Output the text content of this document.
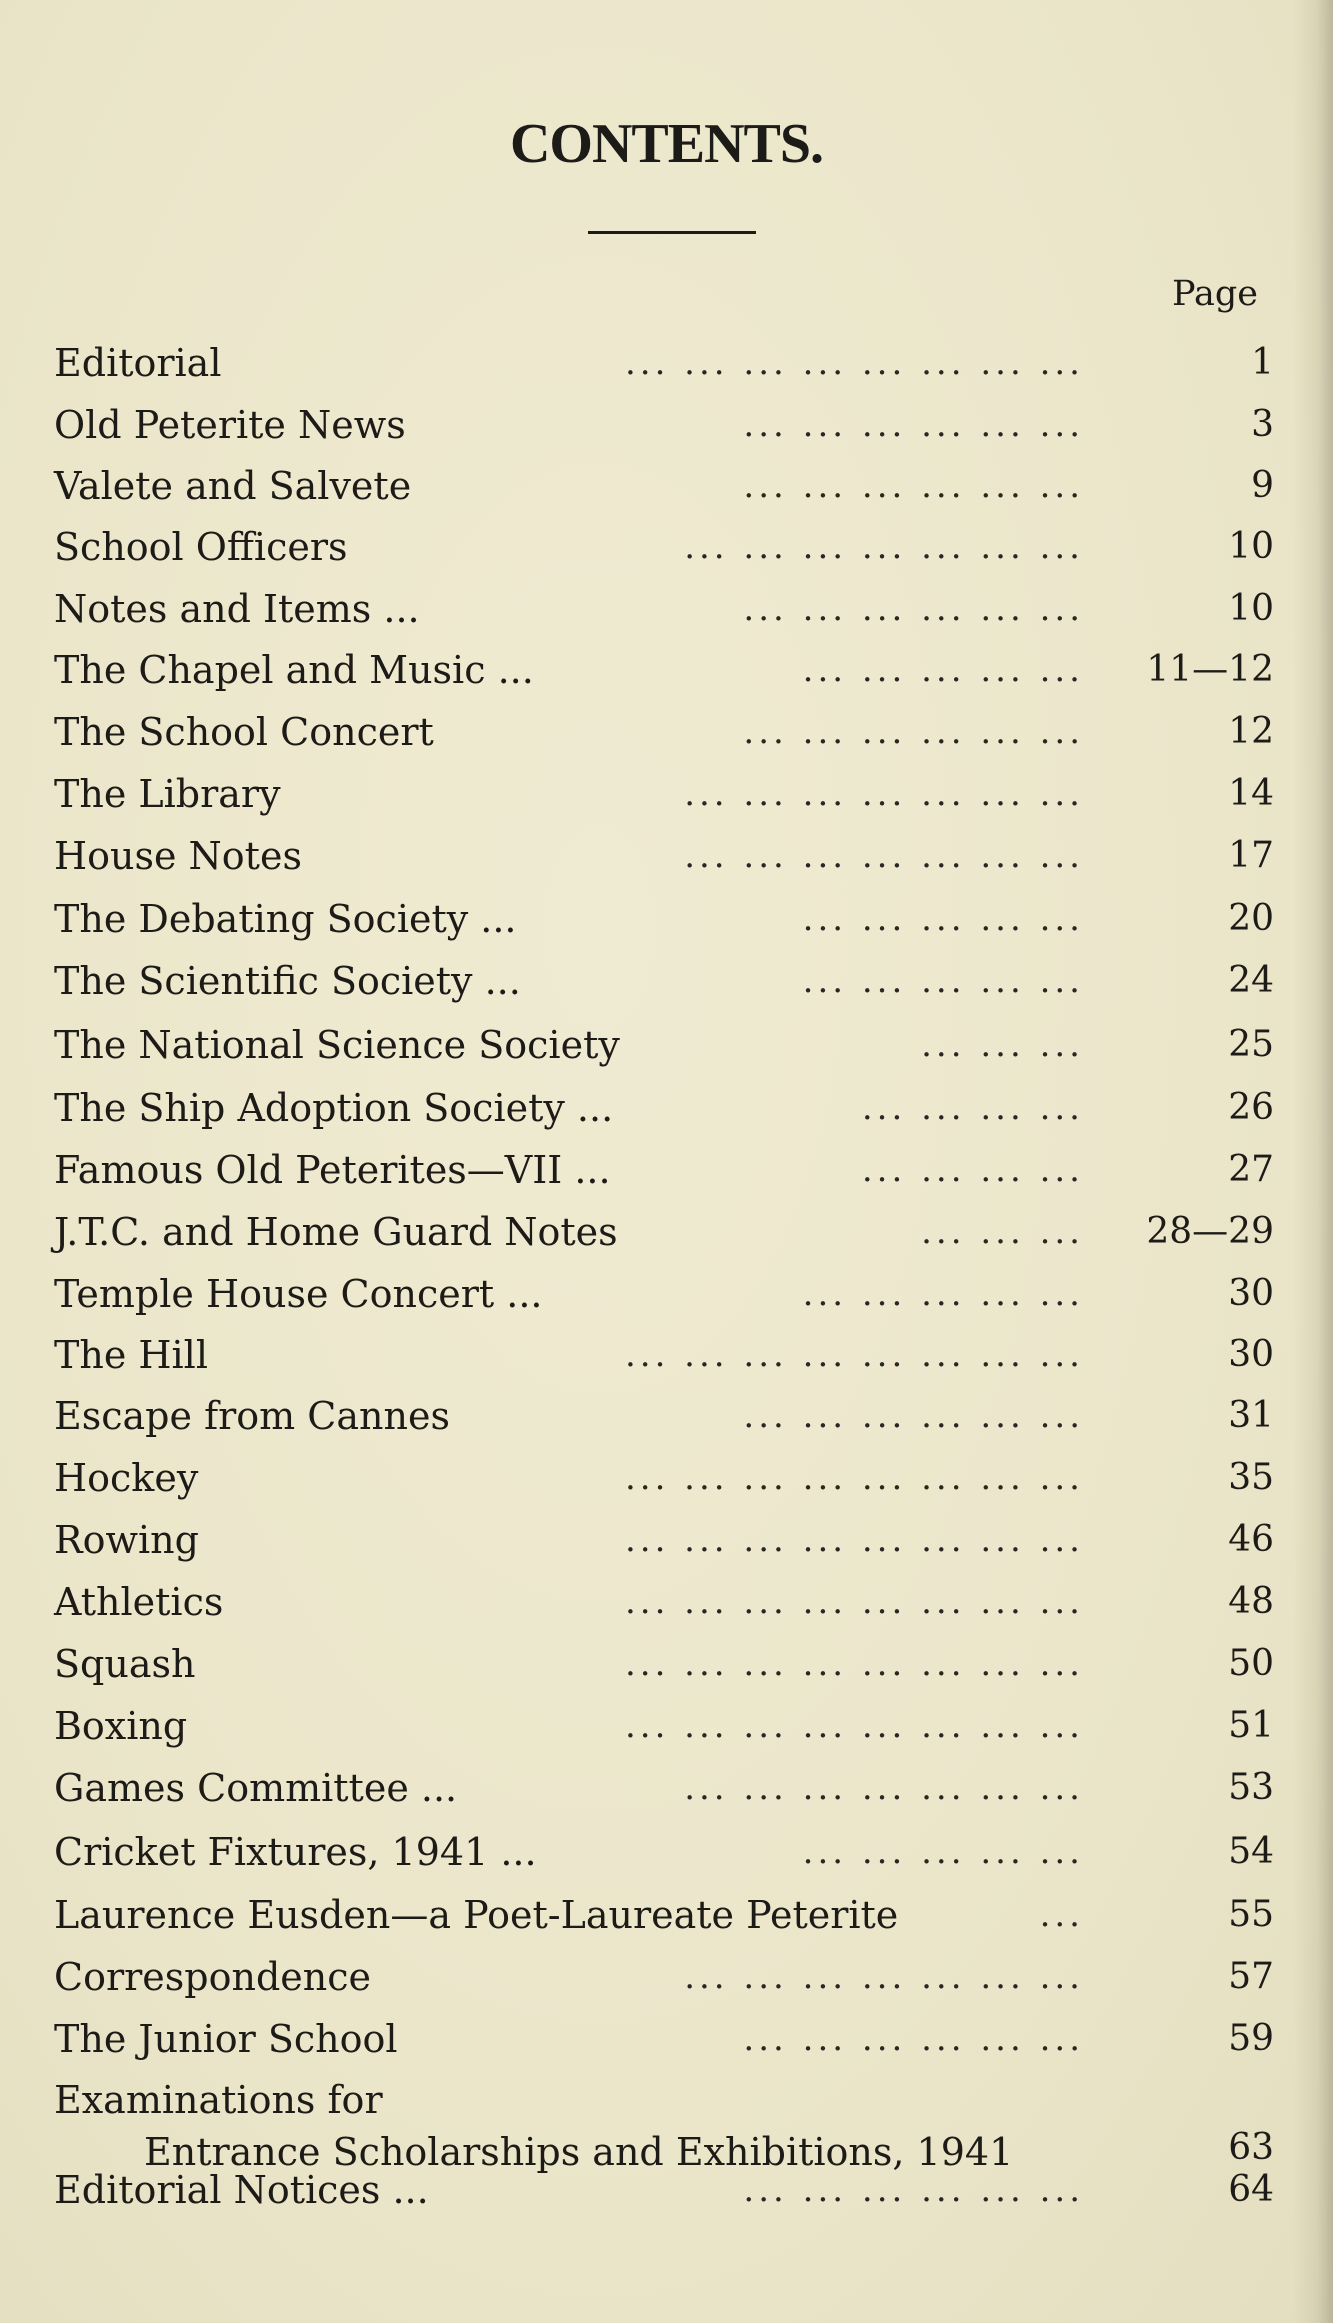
CONTENTS.
Page
Editorial	... ... ... ... ... ... ... ...	1
Old Peterite News	... ... ... ... ... ...	3
Valete and Salvete	... ... ... ... ... ...	9
School Officers	... ... ... ... ... ... ...	10
Notes and Items ...	... ... ... ... ... ...	10
The Chapel and Music ...	... ... ... ... ...	11—12
The School Concert	... ... ... ... ... ...	12
The Library	... ... ... ... ... ... ...	14
House Notes	... ... ... ... ... ... ...	17
The Debating Society ...	... ... ... ... ...	20
The Scientific Society ...	... ... ... ... ...	24
The National Science Society	... ... ...	25
The Ship Adoption Society ...	... ... ... ...	26
Famous Old Peterites—VII ...	... ... ... ...	27
J.T.C. and Home Guard Notes	... ... ...	28—29
Temple House Concert ...	... ... ... ... ...	30
The Hill	... ... ... ... ... ... ... ...	30
Escape from Cannes	... ... ... ... ... ...	31
Hockey	... ... ... ... ... ... ... ...	35
Rowing	... ... ... ... ... ... ... ...	46
Athletics	... ... ... ... ... ... ... ...	48
Squash	... ... ... ... ... ... ... ...	50
Boxing	... ... ... ... ... ... ... ...	51
Games Committee ...	... ... ... ... ... ... ...	53
Cricket Fixtures, 1941 ...	... ... ... ... ...	54
Laurence Eusden—a Poet-Laureate Peterite	...	55
Correspondence	... ... ... ... ... ... ...	57
The Junior School	... ... ... ... ... ...	59
Examinations for
Entrance Scholarships and Exhibitions, 1941	63
Editorial Notices ...	... ... ... ... ... ...	64
